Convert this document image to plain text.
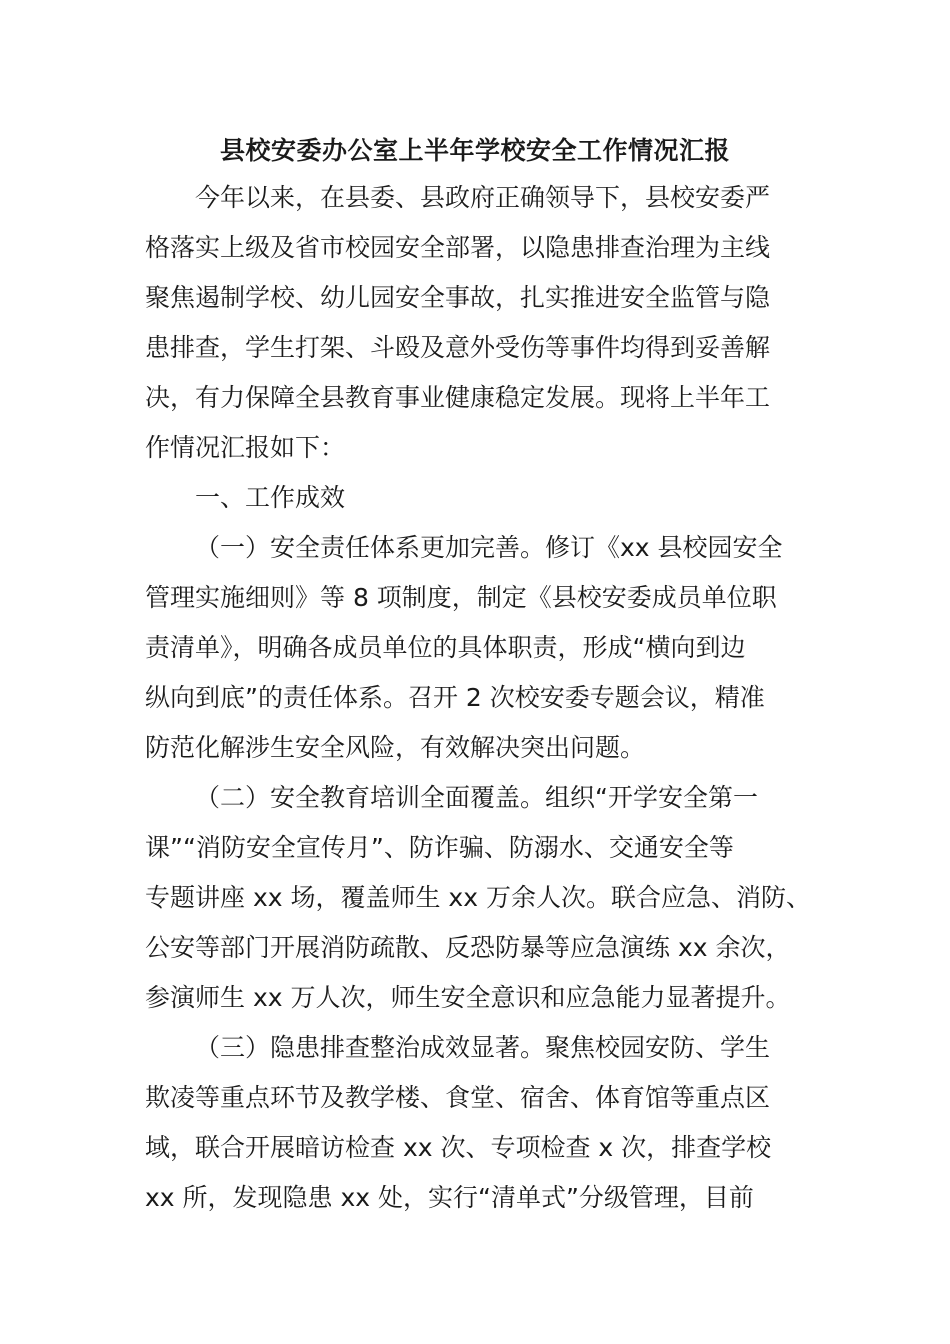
县校安委办公室上半年学校安全工作情况汇报
今年以来，在县委、县政府正确领导下，县校安委严
格落实上级及省市校园安全部署，以隐患排查治理为主线
聚焦遏制学校、幼儿园安全事故，扎实推进安全监管与隐
患排查，学生打架、斗殴及意外受伤等事件均得到妥善解
决，有力保障全县教育事业健康稳定发展。现将上半年工
作情况汇报如下：
一、工作成效
（一）安全责任体系更加完善。修订《xx 县校园安全
管理实施细则》等 8 项制度，制定《县校安委成员单位职
责清单》，明确各成员单位的具体职责，形成“横向到边
纵向到底”的责任体系。召开 2 次校安委专题会议，精准
防范化解涉生安全风险，有效解决突出问题。
（二）安全教育培训全面覆盖。组织“开学安全第一
课”“消防安全宣传月”、防诈骗、防溺水、交通安全等
专题讲座 xx 场，覆盖师生 xx 万余人次。联合应急、消防、
公安等部门开展消防疏散、反恐防暴等应急演练 xx 余次，
参演师生 xx 万人次，师生安全意识和应急能力显著提升。
（三）隐患排查整治成效显著。聚焦校园安防、学生
欺凌等重点环节及教学楼、食堂、宿舍、体育馆等重点区
域，联合开展暗访检查 xx 次、专项检查 x 次，排查学校
xx 所，发现隐患 xx 处，实行“清单式”分级管理，目前
